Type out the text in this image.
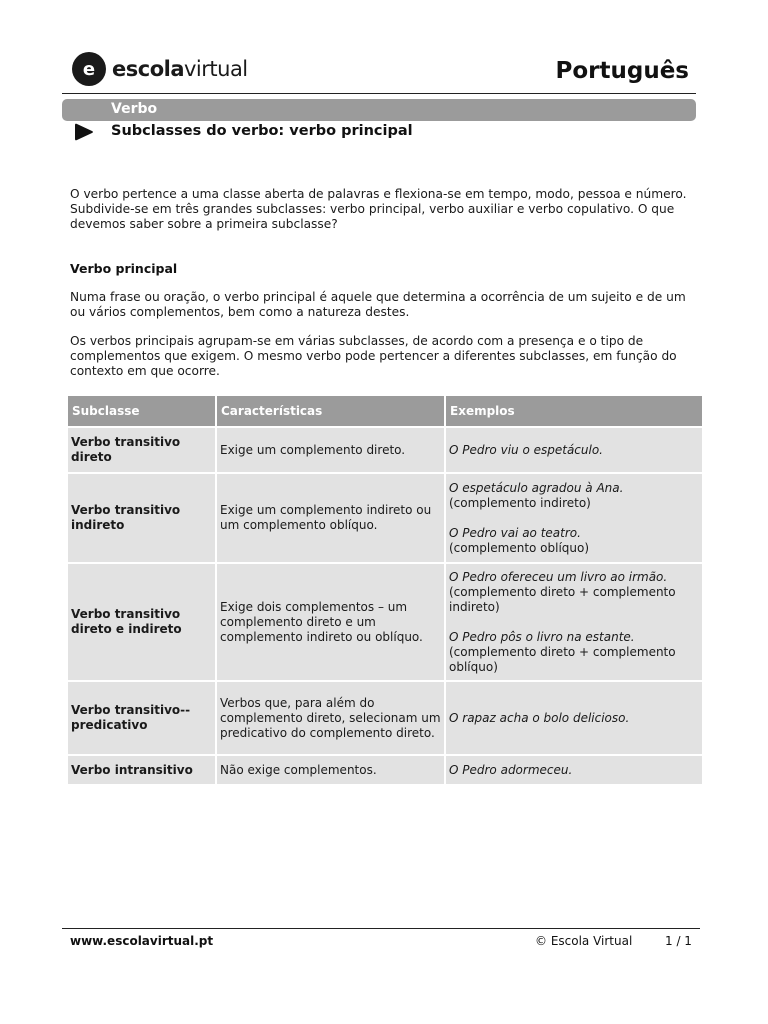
e escolavirtual	Português
Verbo
Subclasses do verbo: verbo principal
O verbo pertence a uma classe aberta de palavras e flexiona-se em tempo, modo, pessoa e número. Subdivide-se em três grandes subclasses: verbo principal, verbo auxiliar e verbo copulativo. O que devemos saber sobre a primeira subclasse?
Verbo principal
Numa frase ou oração, o verbo principal é aquele que determina a ocorrência de um sujeito e de um ou vários complementos, bem como a natureza destes.
Os verbos principais agrupam-se em várias subclasses, de acordo com a presença e o tipo de complementos que exigem. O mesmo verbo pode pertencer a diferentes subclasses, em função do contexto em que ocorre.
Subclasse	Características	Exemplos
Verbo transitivo direto	Exige um complemento direto.	O Pedro viu o espetáculo.

Verbo transitivo indireto	Exige um complemento indireto ou um complemento oblíquo.	O espetáculo agradou à Ana.
(complemento indireto)
O Pedro vai ao teatro.
(complemento oblíquo)

Verbo transitivo direto e indireto	Exige dois complementos – um complemento direto e um complemento indireto ou oblíquo.	O Pedro ofereceu um livro ao irmão.
(complemento direto + complemento indireto)
O Pedro pôs o livro na estante.
(complemento direto + complemento oblíquo)

Verbo transitivo--predicativo	Verbos que, para além do complemento direto, selecionam um predicativo do complemento direto.	O rapaz acha o bolo delicioso.

Verbo intransitivo	Não exige complementos.	O Pedro adormeceu.
www.escolavirtual.pt	© Escola Virtual	1 / 1
